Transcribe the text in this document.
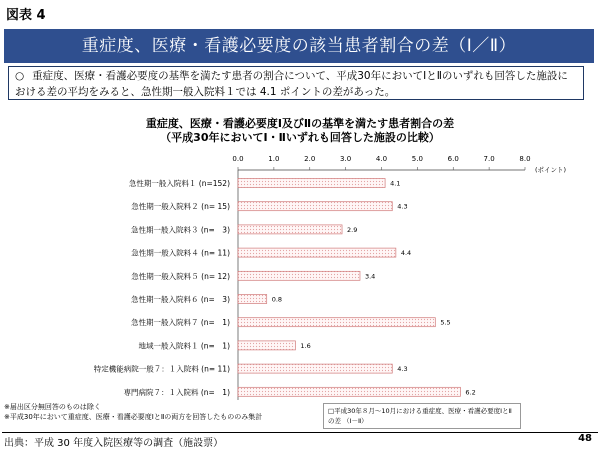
図表 4
重症度、医療・看護必要度の該当患者割合の差（Ⅰ／Ⅱ）
○ 重症度、医療・看護必要度の基準を満たす患者の割合について、平成30年においてⅠとⅡのいずれも回答した施設における差の平均をみると、急性期一般入院料１では 4.1 ポイントの差があった。
重症度、医療・看護必要度Ⅰ及びⅡの基準を満たす患者割合の差
（平成30年においてⅠ・Ⅱいずれも回答した施設の比較）
0.0	1.0	2.0	3.0	4.0	5.0	6.0	7.0	8.0
(ポイント)
急性期一般入院料１ (n=152)	4.1
急性期一般入院料２ (n= 15)	4.3
急性期一般入院料３ (n=　3)	2.9
急性期一般入院料４ (n= 11)	4.4
急性期一般入院料５ (n= 12)	3.4
急性期一般入院料６ (n=　3)	0.8
急性期一般入院料７ (n=　1)	5.5
地域一般入院料１ (n=　1)	1.6
特定機能病院一般７：１入院料 (n= 11)	4.3
専門病院７：１入院料 (n=　1)	6.2
※届出区分無回答のものは除く
※平成30年において重症度、医療・看護必要度ⅠとⅡの両方を回答したもののみ集計
□平成30年８月～10月における重症度、医療・看護必要度ⅠとⅡの差 （Ⅰ－Ⅱ）
出典：平成 30 年度入院医療等の調査（施設票）	48
